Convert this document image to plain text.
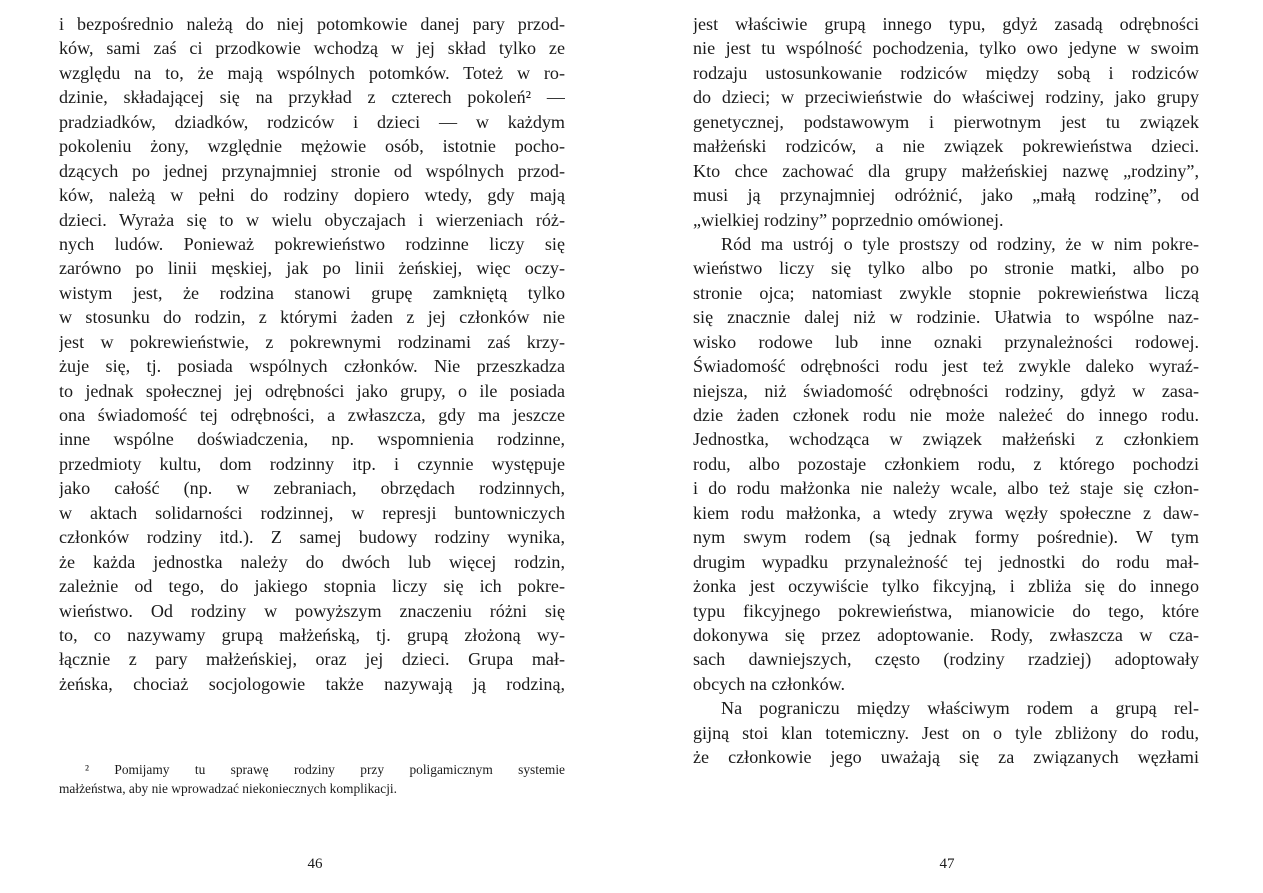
i bezpośrednio należą do niej potomkowie danej pary przod-
ków, sami zaś ci przodkowie wchodzą w jej skład tylko ze
względu na to, że mają wspólnych potomków. Toteż w ro-
dzinie, składającej się na przykład z czterech pokoleń² —
pradziadków, dziadków, rodziców i dzieci — w każdym
pokoleniu żony, względnie mężowie osób, istotnie pocho-
dzących po jednej przynajmniej stronie od wspólnych przod-
ków, należą w pełni do rodziny dopiero wtedy, gdy mają
dzieci. Wyraża się to w wielu obyczajach i wierzeniach róż-
nych ludów. Ponieważ pokrewieństwo rodzinne liczy się
zarówno po linii męskiej, jak po linii żeńskiej, więc oczy-
wistym jest, że rodzina stanowi grupę zamkniętą tylko
w stosunku do rodzin, z którymi żaden z jej członków nie
jest w pokrewieństwie, z pokrewnymi rodzinami zaś krzy-
żuje się, tj. posiada wspólnych członków. Nie przeszkadza
to jednak społecznej jej odrębności jako grupy, o ile posiada
ona świadomość tej odrębności, a zwłaszcza, gdy ma jeszcze
inne wspólne doświadczenia, np. wspomnienia rodzinne,
przedmioty kultu, dom rodzinny itp. i czynnie występuje
jako całość (np. w zebraniach, obrzędach rodzinnych,
w aktach solidarności rodzinnej, w represji buntowniczych
członków rodziny itd.). Z samej budowy rodziny wynika,
że każda jednostka należy do dwóch lub więcej rodzin,
zależnie od tego, do jakiego stopnia liczy się ich pokre-
wieństwo. Od rodziny w powyższym znaczeniu różni się
to, co nazywamy grupą małżeńską, tj. grupą złożoną wy-
łącznie z pary małżeńskiej, oraz jej dzieci. Grupa mał-
żeńska, chociaż socjologowie także nazywają ją rodziną,
² Pomijamy tu sprawę rodziny przy poligamicznym systemie
małżeństwa, aby nie wprowadzać niekoniecznych komplikacji.
46
jest właściwie grupą innego typu, gdyż zasadą odrębności
nie jest tu wspólność pochodzenia, tylko owo jedyne w swoim
rodzaju ustosunkowanie rodziców między sobą i rodziców
do dzieci; w przeciwieństwie do właściwej rodziny, jako grupy
genetycznej, podstawowym i pierwotnym jest tu związek
małżeński rodziców, a nie związek pokrewieństwa dzieci.
Kto chce zachować dla grupy małżeńskiej nazwę „rodziny”,
musi ją przynajmniej odróżnić, jako „małą rodzinę”, od
„wielkiej rodziny” poprzednio omówionej.
Ród ma ustrój o tyle prostszy od rodziny, że w nim pokre-
wieństwo liczy się tylko albo po stronie matki, albo po
stronie ojca; natomiast zwykle stopnie pokrewieństwa liczą
się znacznie dalej niż w rodzinie. Ułatwia to wspólne naz-
wisko rodowe lub inne oznaki przynależności rodowej.
Świadomość odrębności rodu jest też zwykle daleko wyraź-
niejsza, niż świadomość odrębności rodziny, gdyż w zasa-
dzie żaden członek rodu nie może należeć do innego rodu.
Jednostka, wchodząca w związek małżeński z członkiem
rodu, albo pozostaje członkiem rodu, z którego pochodzi
i do rodu małżonka nie należy wcale, albo też staje się człon-
kiem rodu małżonka, a wtedy zrywa węzły społeczne z daw-
nym swym rodem (są jednak formy pośrednie). W tym
drugim wypadku przynależność tej jednostki do rodu mał-
żonka jest oczywiście tylko fikcyjną, i zbliża się do innego
typu fikcyjnego pokrewieństwa, mianowicie do tego, które
dokonywa się przez adoptowanie. Rody, zwłaszcza w cza-
sach dawniejszych, często (rodziny rzadziej) adoptowały
obcych na członków.
Na pograniczu między właściwym rodem a grupą rel-
gijną stoi klan totemiczny. Jest on o tyle zbliżony do rodu,
że członkowie jego uważają się za związanych węzłami
47
